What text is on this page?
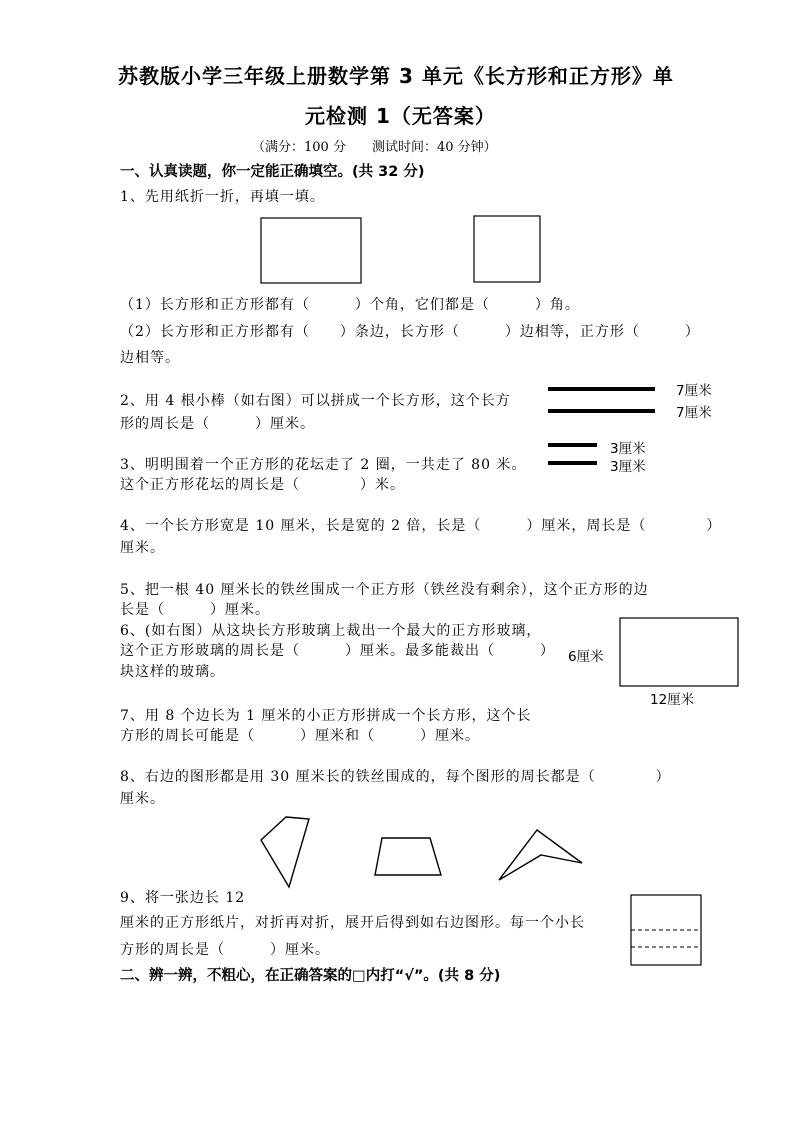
苏教版小学三年级上册数学第 3 单元《长方形和正方形》单
元检测 1（无答案）
（满分：100 分　　测试时间：40 分钟）
一、认真读题，你一定能正确填空。(共 32 分)
1、先用纸折一折，再填一填。
（1）长方形和正方形都有（　　　）个角，它们都是（　　　）角。
（2）长方形和正方形都有（　　）条边，长方形（　　　）边相等，正方形（　　　）
边相等。
2、用 4 根小棒（如右图）可以拼成一个长方形，这个长方
形的周长是（　　　）厘米。
7厘米
7厘米
3厘米
3厘米
3、明明围着一个正方形的花坛走了 2 圈，一共走了 80 米。
这个正方形花坛的周长是（　　　　）米。
4、一个长方形宽是 10 厘米，长是宽的 2 倍，长是（　　　）厘米，周长是（　　　　）
厘米。
5、把一根 40 厘米长的铁丝围成一个正方形（铁丝没有剩余），这个正方形的边
长是（　　　）厘米。
6、(如右图）从这块长方形玻璃上裁出一个最大的正方形玻璃，
这个正方形玻璃的周长是（　　　）厘米。最多能裁出（　　　）
块这样的玻璃。
6厘米
12厘米
7、用 8 个边长为 1 厘米的小正方形拼成一个长方形，这个长
方形的周长可能是（　　　）厘米和（　　　）厘米。
8、右边的图形都是用 30 厘米长的铁丝围成的，每个图形的周长都是（　　　　）
厘米。
9、将一张边长 12
厘米的正方形纸片，对折再对折，展开后得到如右边图形。每一个小长
方形的周长是（　　　）厘米。
二、辨一辨，不粗心，在正确答案的□内打“√”。(共 8 分)
